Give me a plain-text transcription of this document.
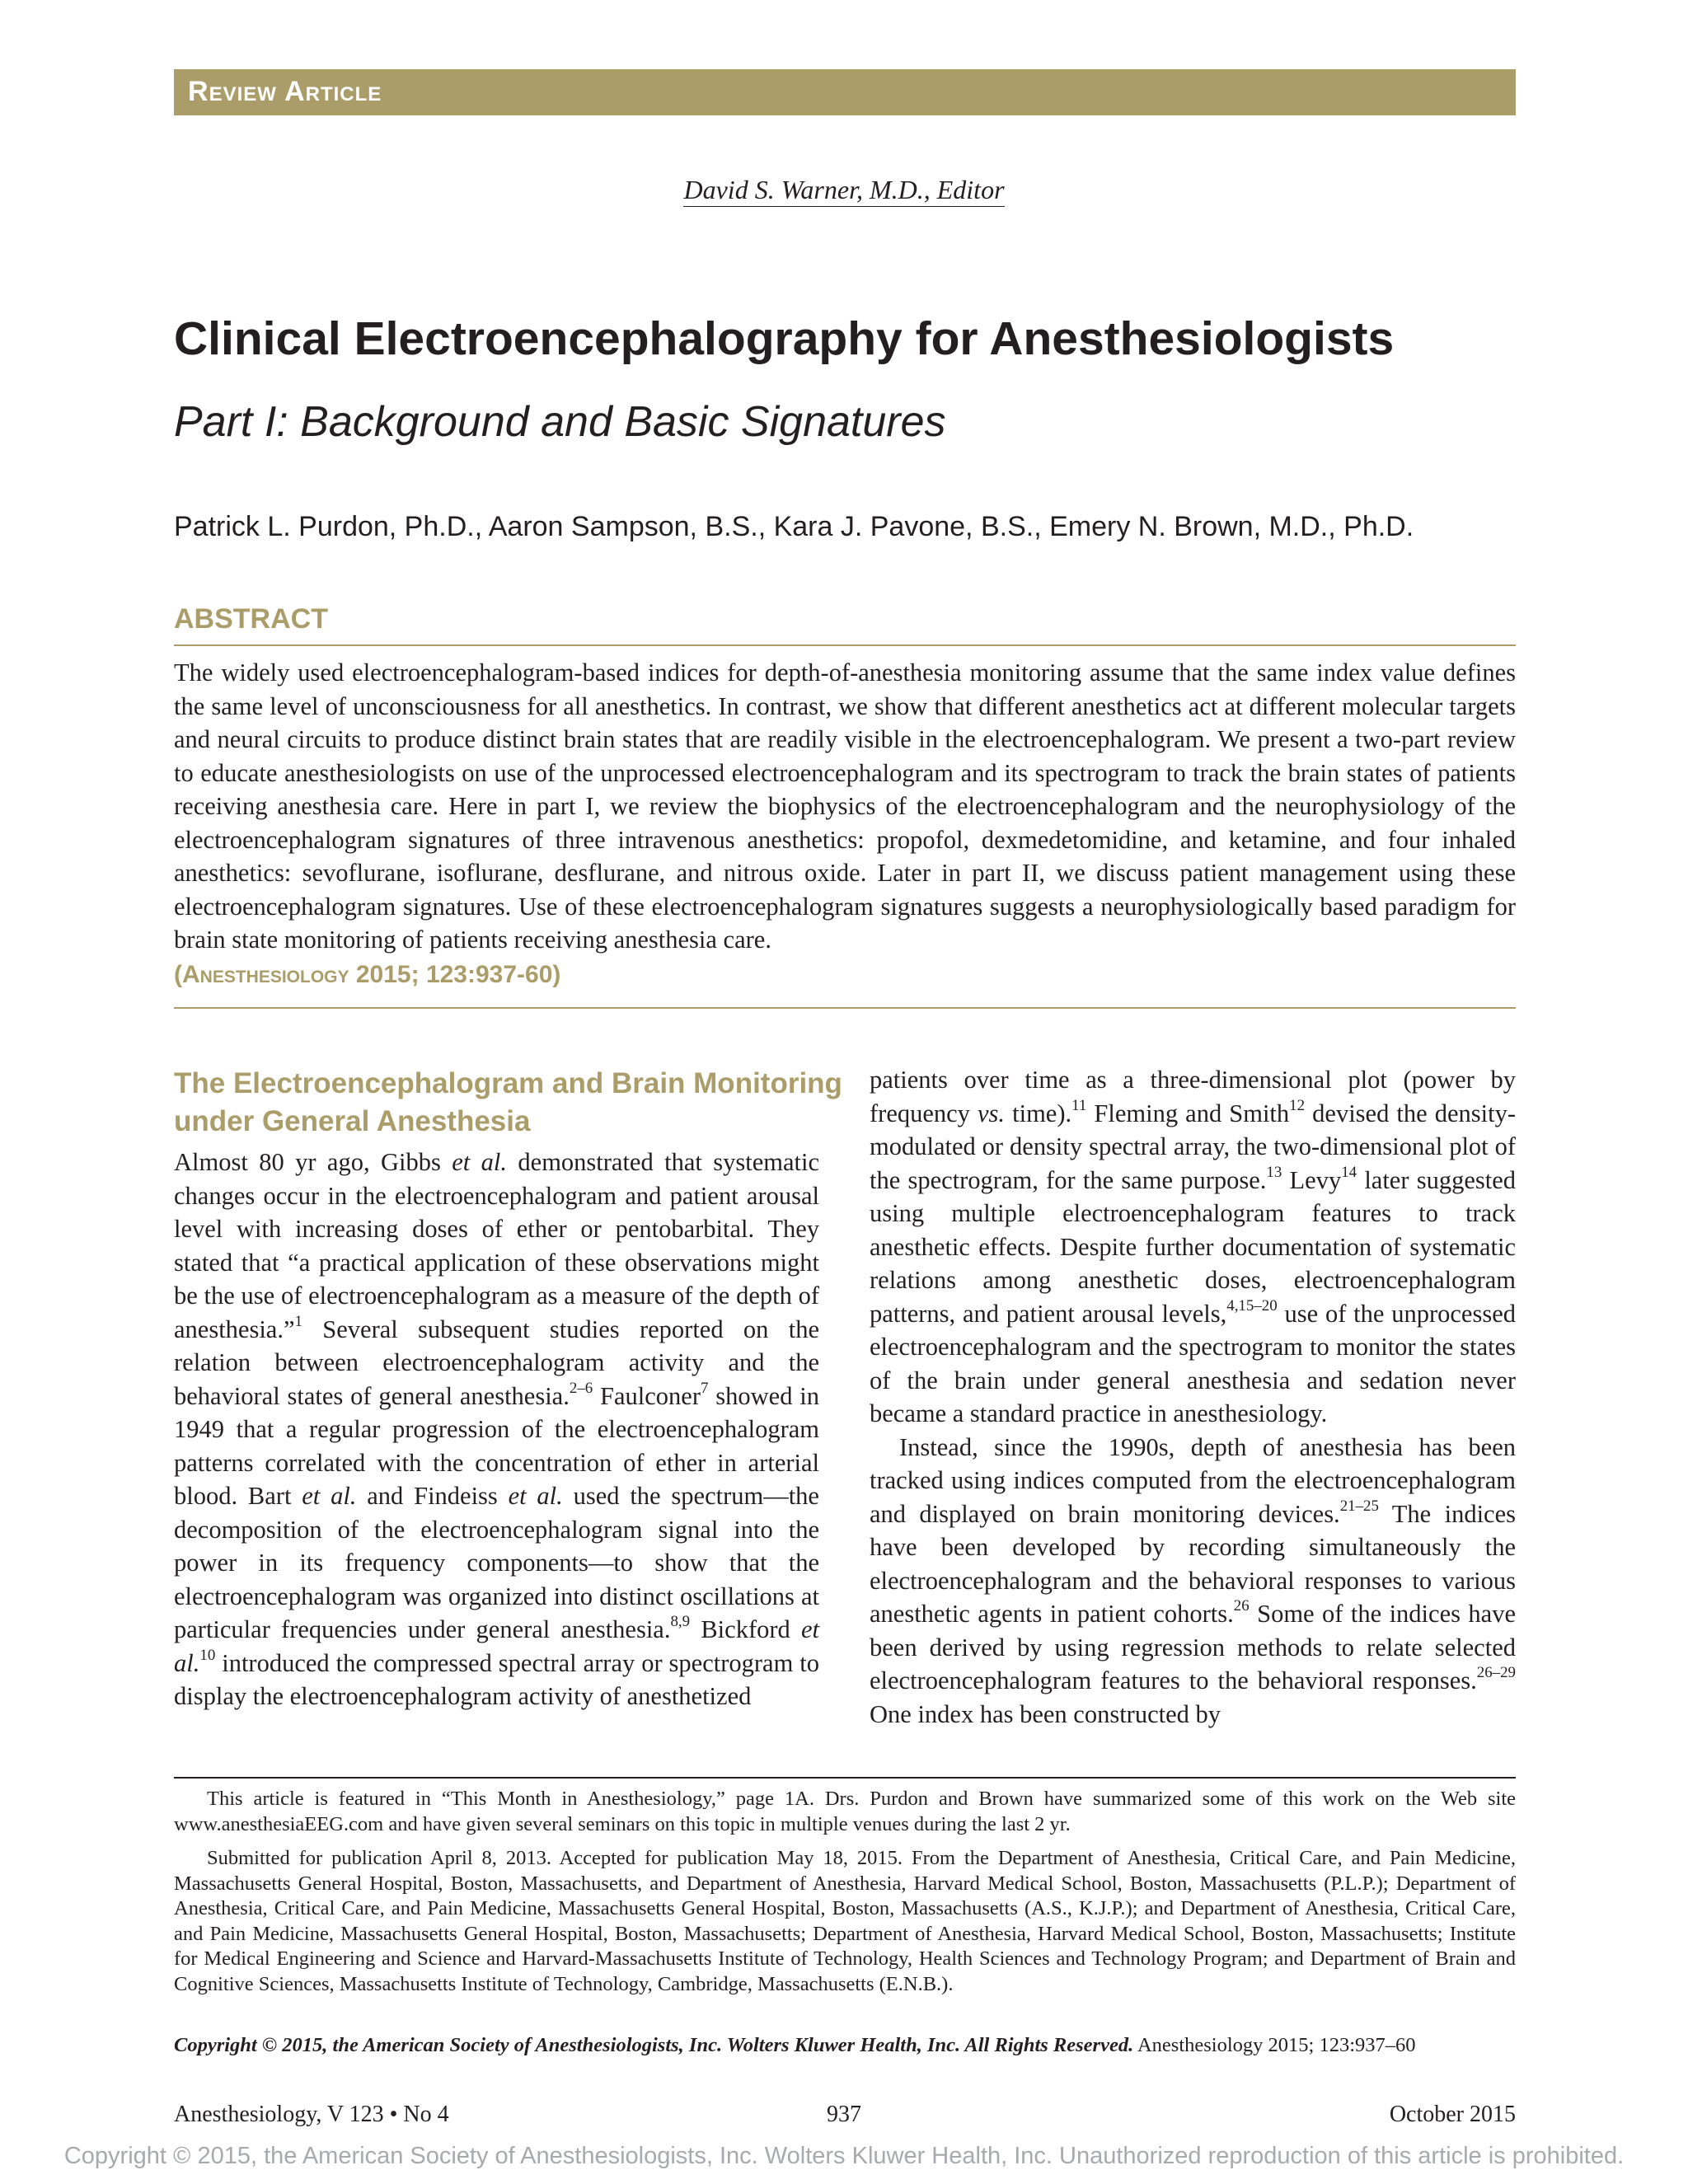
Review Article
David S. Warner, M.D., Editor
Clinical Electroencephalography for Anesthesiologists
Part I: Background and Basic Signatures
Patrick L. Purdon, Ph.D., Aaron Sampson, B.S., Kara J. Pavone, B.S., Emery N. Brown, M.D., Ph.D.
ABSTRACT
The widely used electroencephalogram-based indices for depth-of-anesthesia monitoring assume that the same index value defines the same level of unconsciousness for all anesthetics. In contrast, we show that different anesthetics act at different molecular targets and neural circuits to produce distinct brain states that are readily visible in the electroencephalogram. We present a two-part review to educate anesthesiologists on use of the unprocessed electroencephalogram and its spectrogram to track the brain states of patients receiving anesthesia care. Here in part I, we review the biophysics of the electroencephalogram and the neurophysiology of the electroencephalogram signatures of three intravenous anesthetics: propofol, dexmedetomidine, and ketamine, and four inhaled anesthetics: sevoflurane, isoflurane, desflurane, and nitrous oxide. Later in part II, we discuss patient management using these electroencephalogram signatures. Use of these electroencephalogram signatures suggests a neurophysiologically based paradigm for brain state monitoring of patients receiving anesthesia care.
(Anesthesiology 2015; 123:937-60)
The Electroencephalogram and Brain Monitoring under General Anesthesia

Almost 80 yr ago, Gibbs et al. demonstrated that systematic changes occur in the electroencephalogram and patient arousal level with increasing doses of ether or pentobarbital. They stated that “a practical application of these observations might be the use of electroencephalogram as a measure of the depth of anesthesia.”$^1$ Several subsequent studies reported on the relation between electroencephalogram activity and the behavioral states of general anesthesia.$^{2-6}$ Faulconer$^7$ showed in 1949 that a regular progression of the electroencephalogram patterns correlated with the concentration of ether in arterial blood. Bart et al. and Findeiss et al. used the spectrum—the decomposition of the electroencephalogram signal into the power in its frequency components—to show that the electroencephalogram was organized into distinct oscillations at particular frequencies under general anesthesia.$^{8,9}$ Bickford et al.$^{10}$ introduced the compressed spectral array or spectrogram to display the electroencephalogram activity of anesthetized

patients over time as a three-dimensional plot (power by frequency vs. time).$^{11}$ Fleming and Smith$^{12}$ devised the density-modulated or density spectral array, the two-dimensional plot of the spectrogram, for the same purpose.$^{13}$ Levy$^{14}$ later suggested using multiple electroencephalogram features to track anesthetic effects. Despite further documentation of systematic relations among anesthetic doses, electroencephalogram patterns, and patient arousal levels,$^{4,15-20}$ use of the unprocessed electroencephalogram and the spectrogram to monitor the states of the brain under general anesthesia and sedation never became a standard practice in anesthesiology.

Instead, since the 1990s, depth of anesthesia has been tracked using indices computed from the electroencephalogram and displayed on brain monitoring devices.$^{21-25}$ The indices have been developed by recording simultaneously the electroencephalogram and the behavioral responses to various anesthetic agents in patient cohorts.$^{26}$ Some of the indices have been derived by using regression methods to relate selected electroencephalogram features to the behavioral responses.$^{26-29}$ One index has been constructed by

This article is featured in “This Month in Anesthesiology,” page 1A. Drs. Purdon and Brown have summarized some of this work on the Web site www.anesthesiaEEG.com and have given several seminars on this topic in multiple venues during the last 2 yr.

Submitted for publication April 8, 2013. Accepted for publication May 18, 2015. From the Department of Anesthesia, Critical Care, and Pain Medicine, Massachusetts General Hospital, Boston, Massachusetts, and Department of Anesthesia, Harvard Medical School, Boston, Massachusetts (P.L.P.); Department of Anesthesia, Critical Care, and Pain Medicine, Massachusetts General Hospital, Boston, Massachusetts (A.S., K.J.P.); and Department of Anesthesia, Critical Care, and Pain Medicine, Massachusetts General Hospital, Boston, Massachusetts; Department of Anesthesia, Harvard Medical School, Boston, Massachusetts; Institute for Medical Engineering and Science and Harvard-Massachusetts Institute of Technology, Health Sciences and Technology Program; and Department of Brain and Cognitive Sciences, Massachusetts Institute of Technology, Cambridge, Massachusetts (E.N.B.).

Copyright © 2015, the American Society of Anesthesiologists, Inc. Wolters Kluwer Health, Inc. All Rights Reserved. Anesthesiology 2015; 123:937–60
Anesthesiology, V 123 • No 4	937	October 2015
Copyright © 2015, the American Society of Anesthesiologists, Inc. Wolters Kluwer Health, Inc. Unauthorized reproduction of this article is prohibited.
